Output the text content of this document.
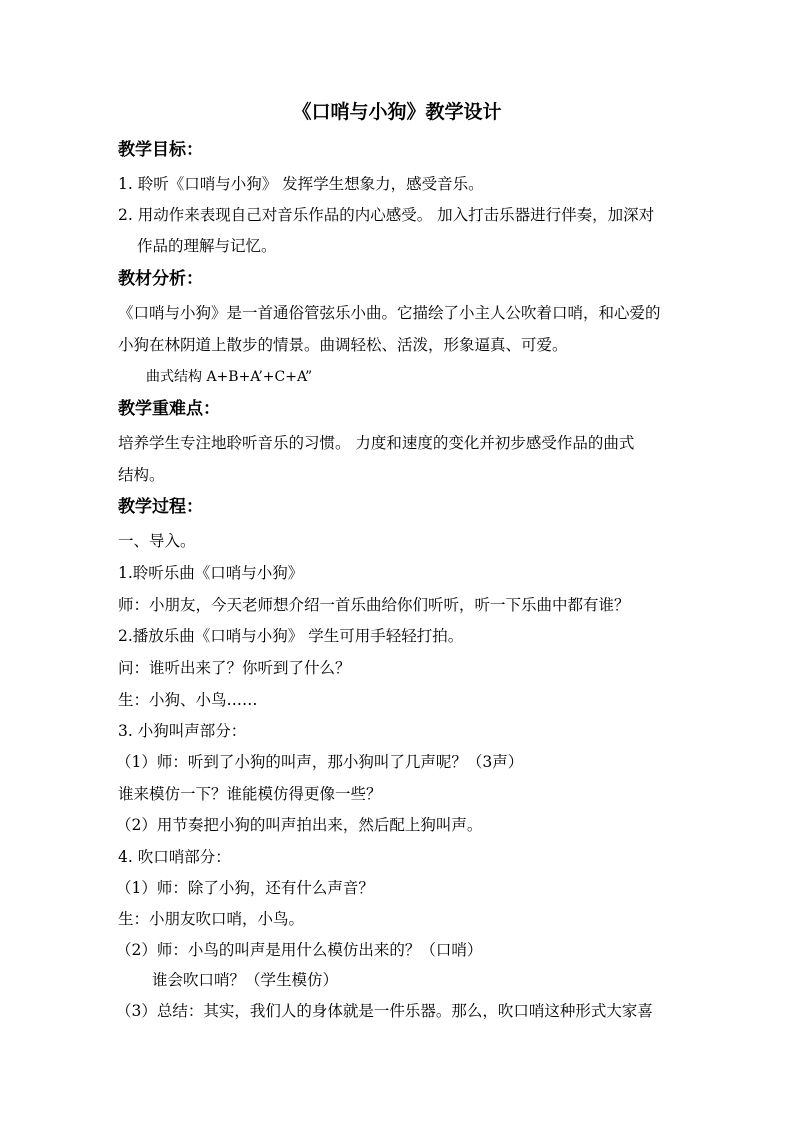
《口哨与小狗》教学设计
教学目标：
1. 聆听《口哨与小狗》 发挥学生想象力，感受音乐。
2. 用动作来表现自己对音乐作品的内心感受。 加入打击乐器进行伴奏，加深对
作品的理解与记忆。
教材分析：
《口哨与小狗》是一首通俗管弦乐小曲。它描绘了小主人公吹着口哨，和心爱的
小狗在林阴道上散步的情景。曲调轻松、活泼，形象逼真、可爱。
曲式结构 A+B+A’+C+A”
教学重难点：
培养学生专注地聆听音乐的习惯。 力度和速度的变化并初步感受作品的曲式
结构。
教学过程：
一、导入。
1.聆听乐曲《口哨与小狗》
师：小朋友，今天老师想介绍一首乐曲给你们听听，听一下乐曲中都有谁？
2.播放乐曲《口哨与小狗》 学生可用手轻轻打拍。
问：谁听出来了？你听到了什么？
生：小狗、小鸟……
3. 小狗叫声部分：
（1）师：听到了小狗的叫声，那小狗叫了几声呢？（3声）
谁来模仿一下？谁能模仿得更像一些？
（2）用节奏把小狗的叫声拍出来，然后配上狗叫声。
4. 吹口哨部分：
（1）师：除了小狗，还有什么声音？
生：小朋友吹口哨，小鸟。
（2）师：小鸟的叫声是用什么模仿出来的？（口哨）
谁会吹口哨？（学生模仿）
（3）总结：其实，我们人的身体就是一件乐器。那么，吹口哨这种形式大家喜
